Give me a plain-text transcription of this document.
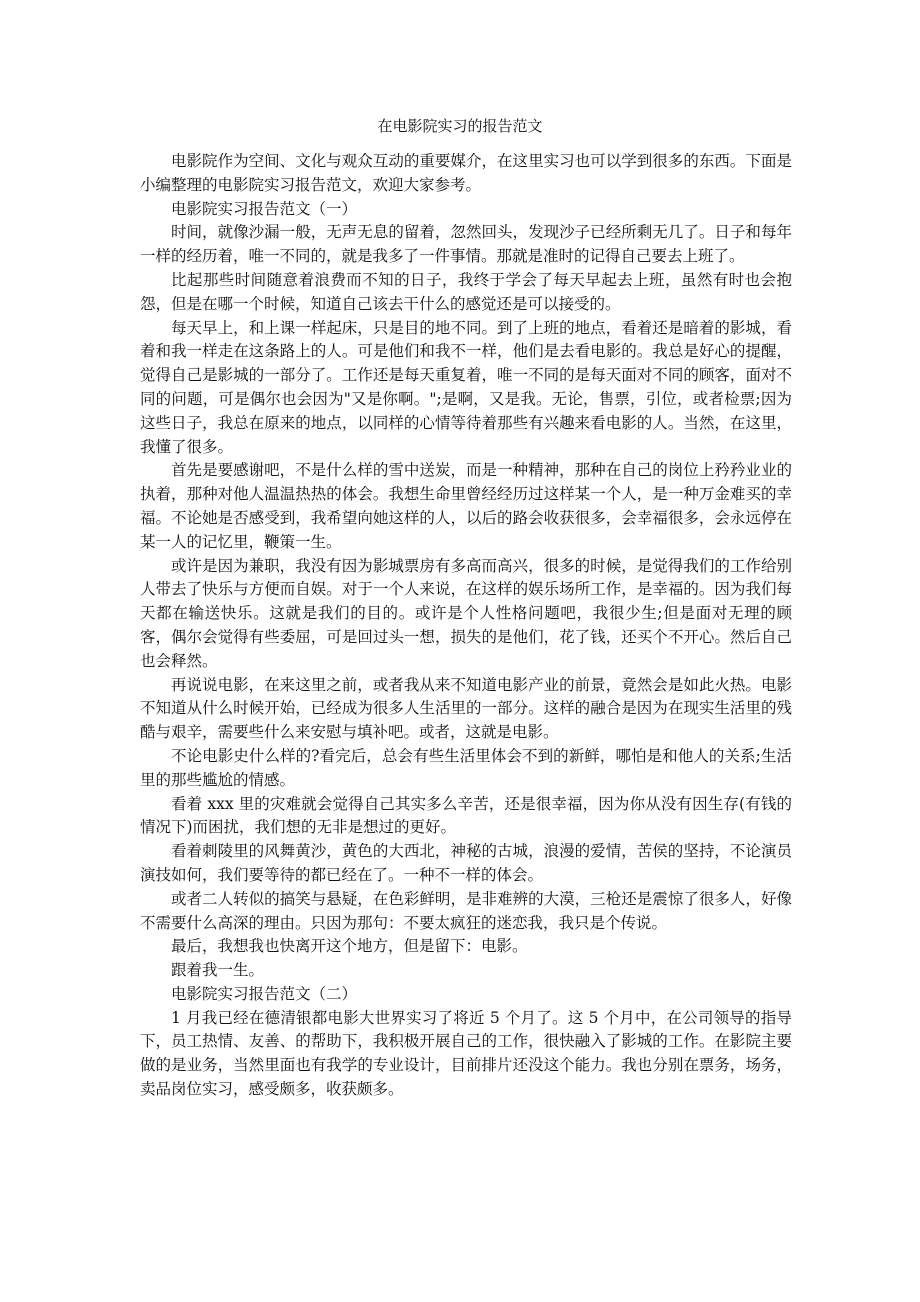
在电影院实习的报告范文

电影院作为空间、文化与观众互动的重要媒介，在这里实习也可以学到很多的东西。下面是小编整理的电影院实习报告范文，欢迎大家参考。

电影院实习报告范文（一）

时间，就像沙漏一般，无声无息的留着，忽然回头，发现沙子已经所剩无几了。日子和每年一样的经历着，唯一不同的，就是我多了一件事情。那就是准时的记得自己要去上班了。

比起那些时间随意着浪费而不知的日子，我终于学会了每天早起去上班，虽然有时也会抱怨，但是在哪一个时候，知道自己该去干什么的感觉还是可以接受的。

每天早上，和上课一样起床，只是目的地不同。到了上班的地点，看着还是暗着的影城，看着和我一样走在这条路上的人。可是他们和我不一样，他们是去看电影的。我总是好心的提醒，觉得自己是影城的一部分了。工作还是每天重复着，唯一不同的是每天面对不同的顾客，面对不同的问题，可是偶尔也会因为"又是你啊。";是啊，又是我。无论，售票，引位，或者检票;因为这些日子，我总在原来的地点，以同样的心情等待着那些有兴趣来看电影的人。当然，在这里，我懂了很多。

首先是要感谢吧，不是什么样的雪中送炭，而是一种精神，那种在自己的岗位上矜矜业业的执着，那种对他人温温热热的体会。我想生命里曾经经历过这样某一个人，是一种万金难买的幸福。不论她是否感受到，我希望向她这样的人，以后的路会收获很多，会幸福很多，会永远停在某一人的记忆里，鞭策一生。

或许是因为兼职，我没有因为影城票房有多高而高兴，很多的时候，是觉得我们的工作给别人带去了快乐与方便而自娱。对于一个人来说，在这样的娱乐场所工作，是幸福的。因为我们每天都在输送快乐。这就是我们的目的。或许是个人性格问题吧，我很少生;但是面对无理的顾客，偶尔会觉得有些委屈，可是回过头一想，损失的是他们，花了钱，还买个不开心。然后自己也会释然。

再说说电影，在来这里之前，或者我从来不知道电影产业的前景，竟然会是如此火热。电影不知道从什么时候开始，已经成为很多人生活里的一部分。这样的融合是因为在现实生活里的残酷与艰辛，需要些什么来安慰与填补吧。或者，这就是电影。

不论电影史什么样的?看完后，总会有些生活里体会不到的新鲜，哪怕是和他人的关系;生活里的那些尴尬的情感。

看着 xxx 里的灾难就会觉得自己其实多么辛苦，还是很幸福，因为你从没有因生存(有钱的情况下)而困扰，我们想的无非是想过的更好。

看着刺陵里的风舞黄沙，黄色的大西北，神秘的古城，浪漫的爱情，苦侯的坚持，不论演员演技如何，我们要等待的都已经在了。一种不一样的体会。

或者二人转似的搞笑与悬疑，在色彩鲜明，是非难辨的大漠，三枪还是震惊了很多人，好像不需要什么高深的理由。只因为那句：不要太疯狂的迷恋我，我只是个传说。

最后，我想我也快离开这个地方，但是留下：电影。

跟着我一生。

电影院实习报告范文（二）

1 月我已经在德清银都电影大世界实习了将近 5 个月了。这 5 个月中，在公司领导的指导下，员工热情、友善、的帮助下，我积极开展自己的工作，很快融入了影城的工作。在影院主要做的是业务，当然里面也有我学的专业设计，目前排片还没这个能力。我也分别在票务，场务，卖品岗位实习，感受颇多，收获颇多。
